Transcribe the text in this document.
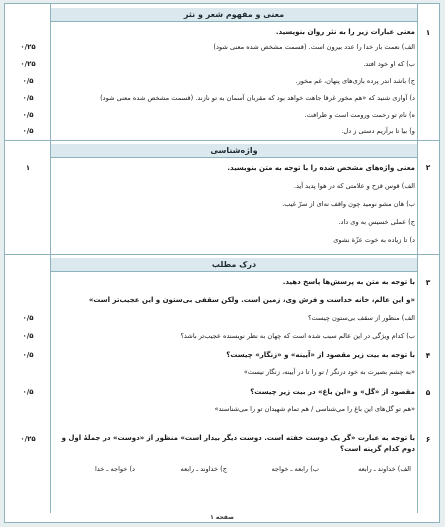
معنی و مفهوم شعر و نثر
۱
معنی عبارات زیر را به نثر روان بنویسید.
الف) نعمت بار خدا را عدد بیرون است. (قسمت مشخص شده معنی شود)
۰/۲۵
ب) که او خود افتد.
۰/۲۵
ج) باشد اندر پرده بازی‌های پنهان، غم مخور.
۰/۵
د) آوازی شنید که «هم مخور غرقا جاهت خواهد بود که مقربان آسمان به تو نازند. (قسمت مشخص شده معنی شود)
۰/۵
ه) نام تو رحمت ورومت است و ظرافت.
۰/۵
و) بیا تا برآریم دستی ز دل.
۰/۵
واژه‌شناسی
۲
۱	معنی واژه‌های مشخص شده را با توجه به متن بنویسید.
الف) قوس قزح و علامتی که در هوا پدید آید.
ب) هان مشو نومید چون واقف نه‌ای از سرّ غیب.
ج) عملی خسیس به وی داد.
د) تا زیاده به خوت عزّة نشوی
درک مطلب
۳
با توجه به متن به پرسش‌ها پاسخ دهید.
«و این عالم، خانه خداست و فرش وی، زمین است. ولکن سقفی بی‌ستون و این عجیب‌تر است»
الف) منظور از سقف بی‌ستون چیست؟
۰/۵
ب) کدام ویژگی در این عالم سبب شده است که چهان به نظر نویسنده عجیب‌تر باشد؟
۰/۵
۴
۰/۵	با توجه به بیت زیر مقصود از «آیینه» و «زنگار» چیست؟
«به چشم بصیرت به خود درنگر / تو را تا در آیینه، زنگار نیست»
۵
۰/۵	مقصود از «گل» و «این باغ» در بیت زیر چیست؟
«هم تو گل‌های این باغ را می‌شناسی / هم تمام شهیدان تو را می‌شناسند»
۶
۰/۲۵	با توجه به عبارت «گر یک دوست خفته است. دوست دیگر بیدار است» منظور از «دوست» در جملهٔ اول و دوم کدام گزینه است؟
الف) خداوند ـ رابعه
ب) رابعه ـ خواجه
ج) خداوند ـ رابعه
د) خواجه ـ خدا
صفحه ۱
